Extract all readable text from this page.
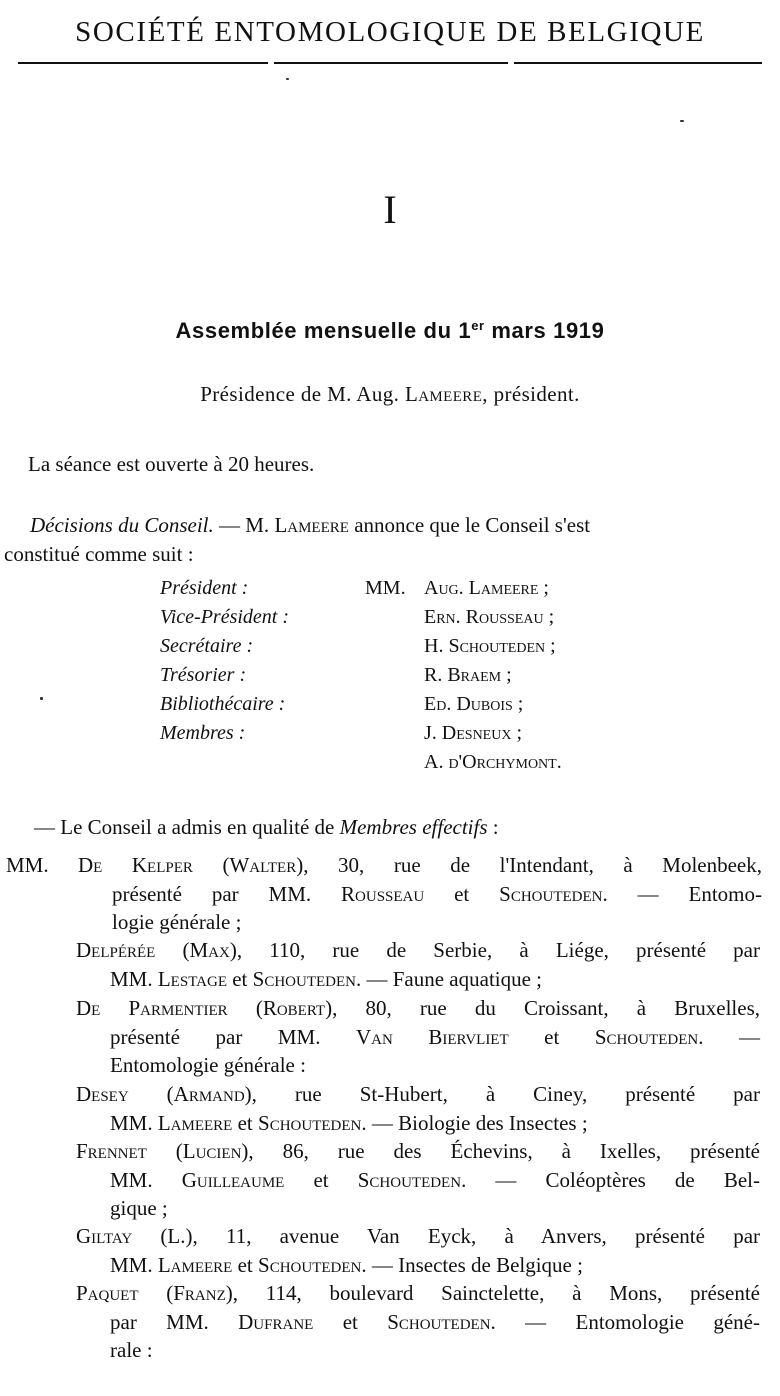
SOCIÉTÉ ENTOMOLOGIQUE DE BELGIQUE
I
Assemblée mensuelle du 1er mars 1919
Présidence de M. Aug. Lameere, président.
La séance est ouverte à 20 heures.
Décisions du Conseil. — M. Lameere annonce que le Conseil s'est
constitué comme suit :
Président :	MM. Aug. Lameere ;
Vice-Président :	Ern. Rousseau ;
Secrétaire :	H. Schouteden ;
Trésorier :	R. Braem ;
Bibliothécaire :	Ed. Dubois ;
Membres :	J. Desneux ;
A. d'Orchymont.
— Le Conseil a admis en qualité de Membres effectifs :
MM. De Kelper (Walter), 30, rue de l'Intendant, à Molenbeek,
présenté par MM. Rousseau et Schouteden. — Entomo-
logie générale ;
Delpérée (Max), 110, rue de Serbie, à Liége, présenté par
MM. Lestage et Schouteden. — Faune aquatique ;
De Parmentier (Robert), 80, rue du Croissant, à Bruxelles,
présenté par MM. Van Biervliet et Schouteden. —
Entomologie générale :
Desey (Armand), rue St-Hubert, à Ciney, présenté par
MM. Lameere et Schouteden. — Biologie des Insectes ;
Frennet (Lucien), 86, rue des Échevins, à Ixelles, présenté
MM. Guilleaume et Schouteden. — Coléoptères de Bel-
gique ;
Giltay (L.), 11, avenue Van Eyck, à Anvers, présenté par
MM. Lameere et Schouteden. — Insectes de Belgique ;
Paquet (Franz), 114, boulevard Sainctelette, à Mons, présenté
par MM. Dufrane et Schouteden. — Entomologie géné-
rale :
